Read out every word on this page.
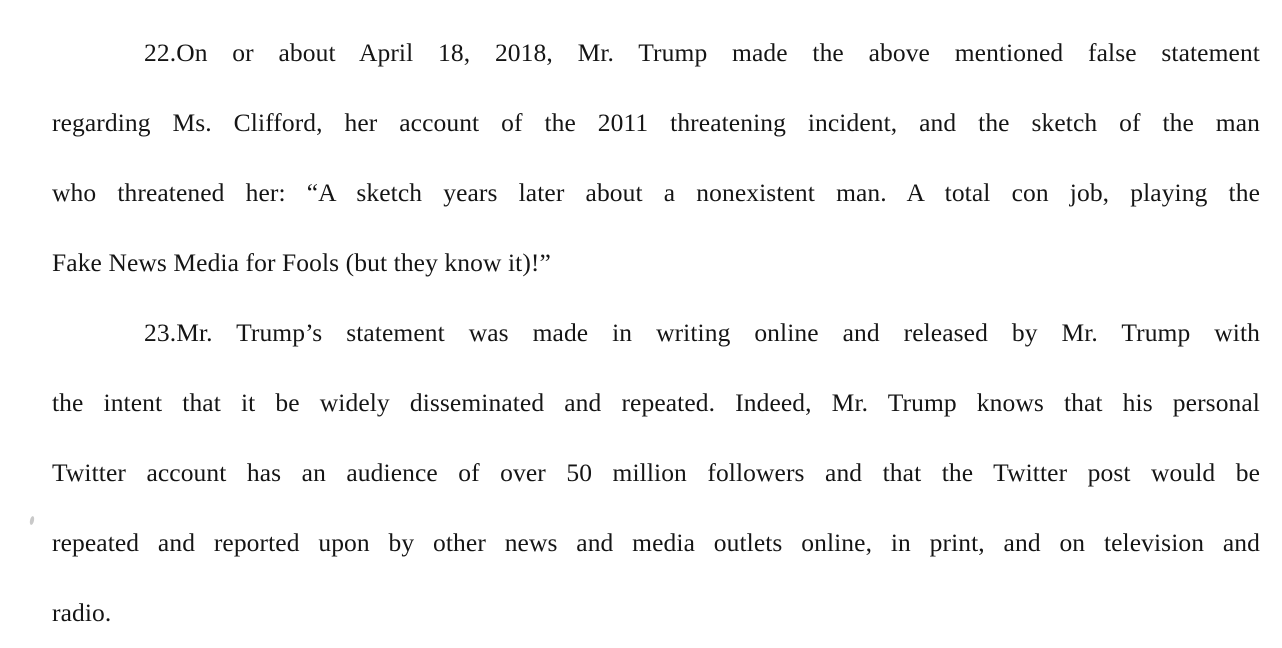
22.On or about April 18, 2018, Mr. Trump made the above mentioned false statement
regarding Ms. Clifford, her account of the 2011 threatening incident, and the sketch of the man
who threatened her: “A sketch years later about a nonexistent man. A total con job, playing the
Fake News Media for Fools (but they know it)!”
23.Mr. Trump’s statement was made in writing online and released by Mr. Trump with
the intent that it be widely disseminated and repeated. Indeed, Mr. Trump knows that his personal
Twitter account has an audience of over 50 million followers and that the Twitter post would be
repeated and reported upon by other news and media outlets online, in print, and on television and
radio.
